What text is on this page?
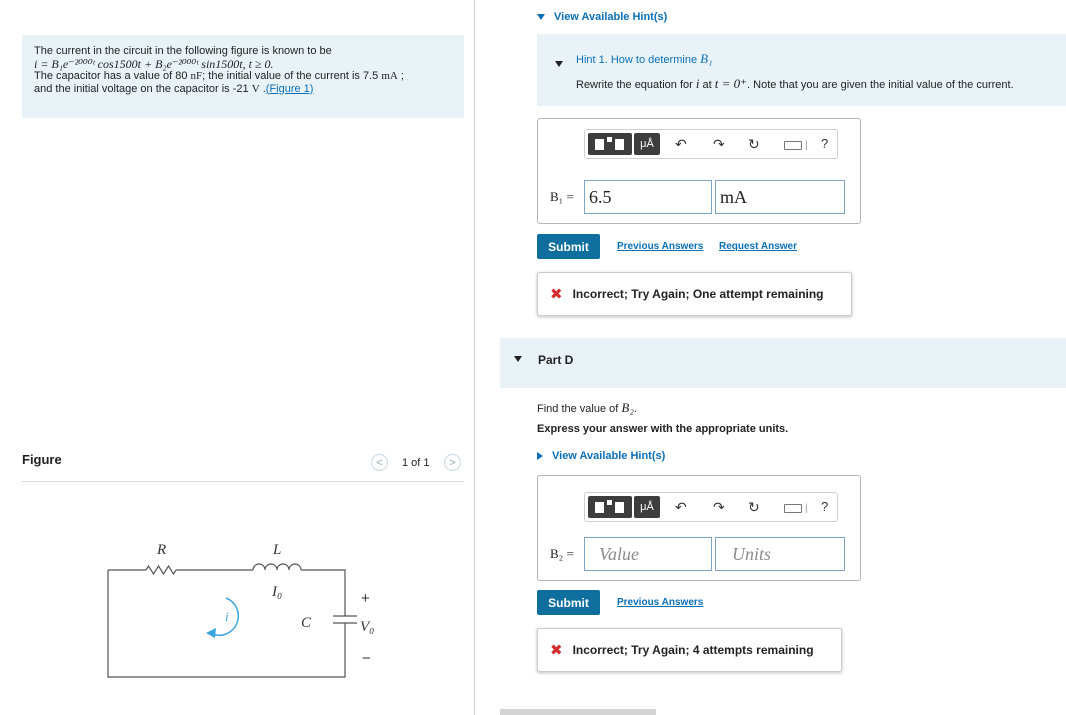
The current in the circuit in the following figure is known to be
i = B₁e⁻²⁰⁰⁰ᵗ cos1500t + B₂e⁻²⁰⁰⁰ᵗ sin1500t, t ≥ 0.
The capacitor has a value of 80 nF; the initial value of the current is 7.5 mA ;
and the initial voltage on the capacitor is -21 V .(Figure 1)
Figure	< 1 of 1 >
R	L
I₀
i	C	V₀
+
−
View Available Hint(s)
Hint 1. How to determine B₁
Rewrite the equation for i at t = 0⁺. Note that you are given the initial value of the current.
μÅ	↶ ↷ ↻	| ?
B₁ = 6.5	mA
Submit	Previous Answers Request Answer
✖ Incorrect; Try Again; One attempt remaining
Part D
Find the value of B₂.
Express your answer with the appropriate units.
View Available Hint(s)
μÅ	↶ ↷ ↻	| ?
B₂ =	Value	Units
Submit	Previous Answers
✖ Incorrect; Try Again; 4 attempts remaining
